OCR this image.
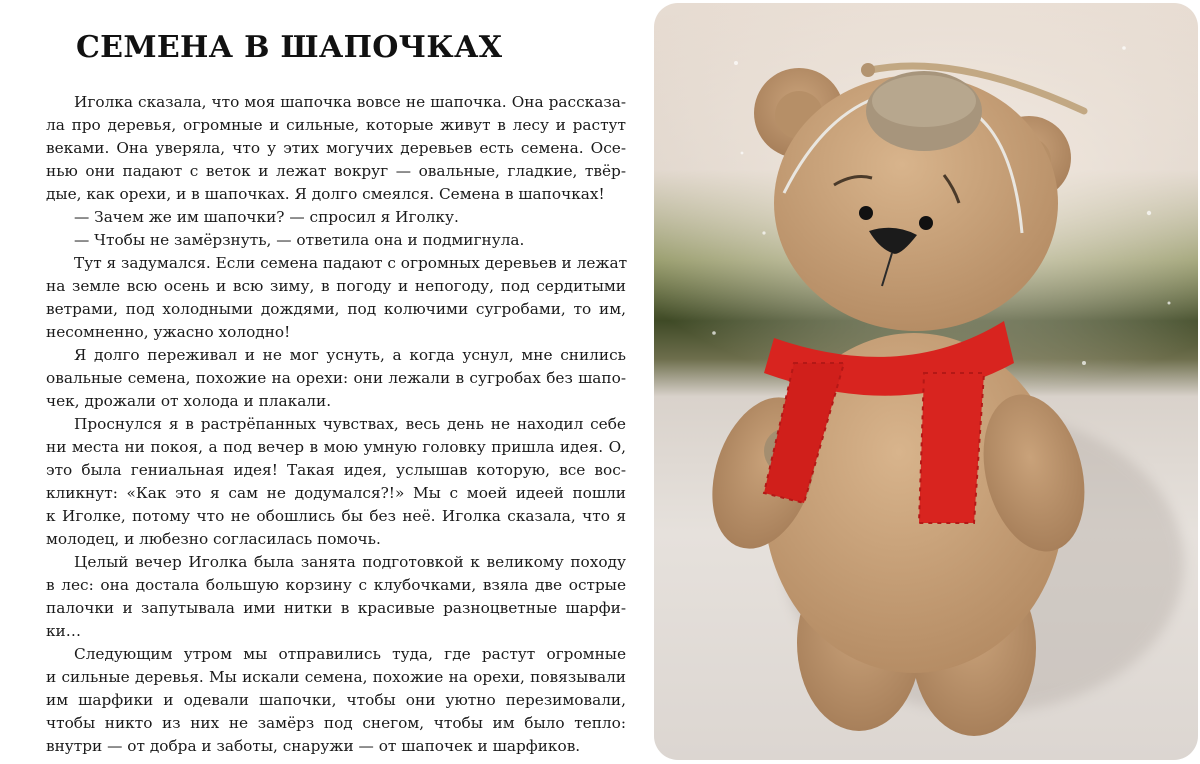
СЕМЕНА В ШАПОЧКАХ
Иголка сказала, что моя шапочка вовсе не шапочка. Она рассказа-
ла про деревья, огромные и сильные, которые живут в лесу и растут
веками. Она уверяла, что у этих могучих деревьев есть семена. Осе-
нью они падают с веток и лежат вокруг — овальные, гладкие, твёр-
дые, как орехи, и в шапочках. Я долго смеялся. Семена в шапочках!
— Зачем же им шапочки? — спросил я Иголку.
— Чтобы не замёрзнуть, — ответила она и подмигнула.
Тут я задумался. Если семена падают с огромных деревьев и лежат
на земле всю осень и всю зиму, в погоду и непогоду, под сердитыми
ветрами, под холодными дождями, под колючими сугробами, то им,
несомненно, ужасно холодно!
Я долго переживал и не мог уснуть, а когда уснул, мне снились
овальные семена, похожие на орехи: они лежали в сугробах без шапо-
чек, дрожали от холода и плакали.
Проснулся я в растрёпанных чувствах, весь день не находил себе
ни места ни покоя, а под вечер в мою умную головку пришла идея. О,
это была гениальная идея! Такая идея, услышав которую, все вос-
кликнут: «Как это я сам не додумался?!» Мы с моей идеей пошли
к Иголке, потому что не обошлись бы без неё. Иголка сказала, что я
молодец, и любезно согласилась помочь.
Целый вечер Иголка была занята подготовкой к великому походу
в лес: она достала большую корзину с клубочками, взяла две острые
палочки и запутывала ими нитки в красивые разноцветные шарфи-
ки…
Следующим утром мы отправились туда, где растут огромные
и сильные деревья. Мы искали семена, похожие на орехи, повязывали
им шарфики и одевали шапочки, чтобы они уютно перезимовали,
чтобы никто из них не замёрз под снегом, чтобы им было тепло:
внутри — от добра и заботы, снаружи — от шапочек и шарфиков.
